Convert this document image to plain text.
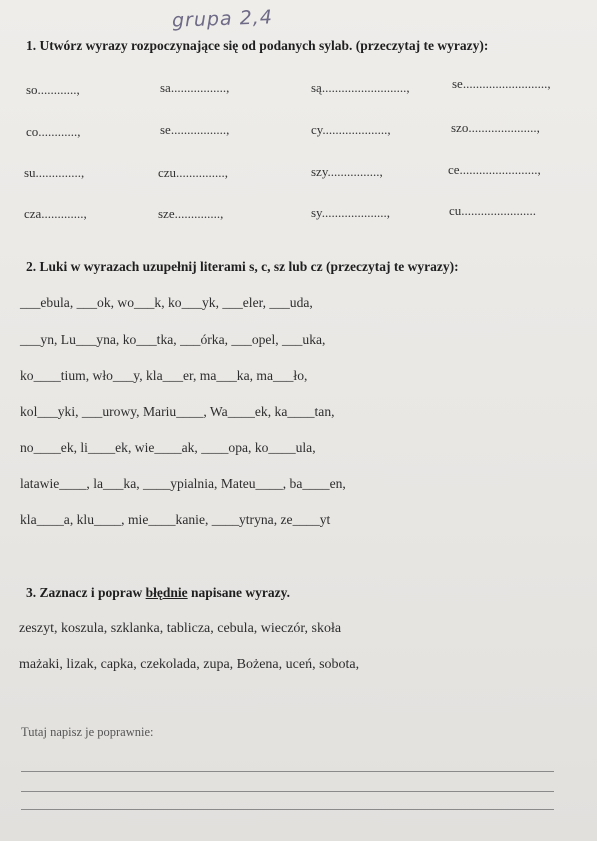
grupa 2,4
1. Utwórz wyrazy rozpoczynające się od podanych sylab. (przeczytaj te wyrazy):
so............,	sa.................,	są..........................,	se..........................,
co............,	se.................,	cy....................,	szo.....................,
su..............,	czu...............,	szy................,	ce........................,
cza.............,	sze..............,	sy....................,	cu.......................
2. Luki w wyrazach uzupełnij literami s, c, sz lub cz (przeczytaj te wyrazy):
___ebula, ___ok, wo___k, ko___yk, ___eler, ___uda,
___yn, Lu___yna, ko___tka, ___órka, ___opel, ___uka,
ko____tium, wło___y, kla___er, ma___ka, ma___ło,
kol___yki, ___urowy, Mariu____, Wa____ek, ka____tan,
no____ek, li____ek, wie____ak, ____opa, ko____ula,
latawie____, la___ka, ____ypialnia, Mateu____, ba____en,
kla____a, klu____, mie____kanie, ____ytryna, ze____yt
3. Zaznacz i popraw błędnie napisane wyrazy.
zeszyt, koszula, szklanka, tablicza, cebula, wieczór, skoła
mażaki, lizak, capka, czekolada, zupa, Bożena, uceń, sobota,
Tutaj napisz je poprawnie:
